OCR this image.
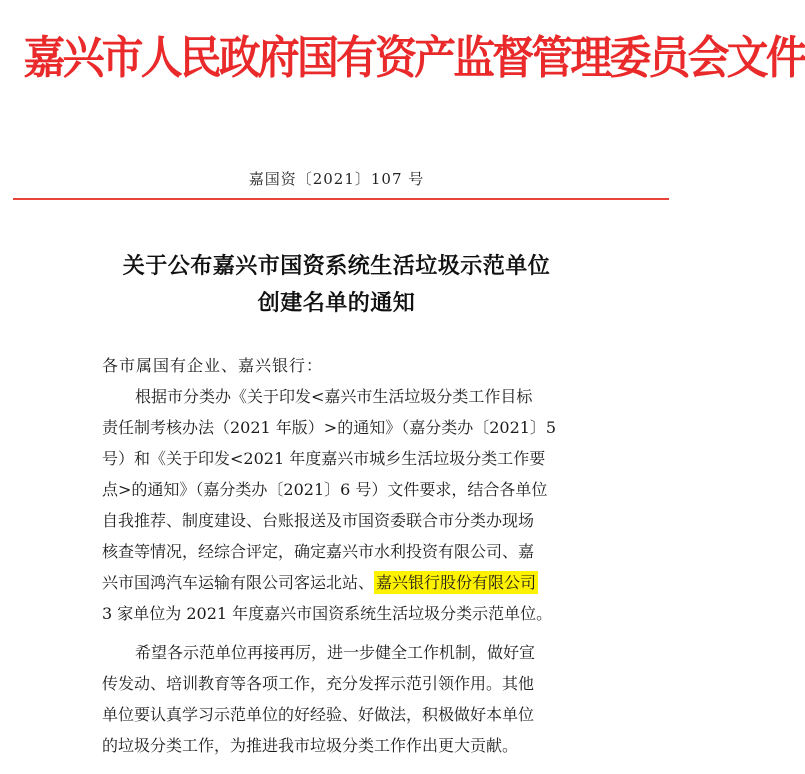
嘉兴市人民政府国有资产监督管理委员会文件
嘉国资〔2021〕107 号
关于公布嘉兴市国资系统生活垃圾示范单位
创建名单的通知
各市属国有企业、嘉兴银行：
根据市分类办《关于印发<嘉兴市生活垃圾分类工作目标
责任制考核办法（2021 年版）>的通知》（嘉分类办〔2021〕5
号）和《关于印发<2021 年度嘉兴市城乡生活垃圾分类工作要
点>的通知》（嘉分类办〔2021〕6 号）文件要求，结合各单位
自我推荐、制度建设、台账报送及市国资委联合市分类办现场
核查等情况，经综合评定，确定嘉兴市水利投资有限公司、嘉
兴市国鸿汽车运输有限公司客运北站、 嘉兴银行股份有限公司
3 家单位为 2021 年度嘉兴市国资系统生活垃圾分类示范单位。
希望各示范单位再接再厉，进一步健全工作机制，做好宣
传发动、培训教育等各项工作，充分发挥示范引领作用。其他
单位要认真学习示范单位的好经验、好做法，积极做好本单位
的垃圾分类工作，为推进我市垃圾分类工作作出更大贡献。
